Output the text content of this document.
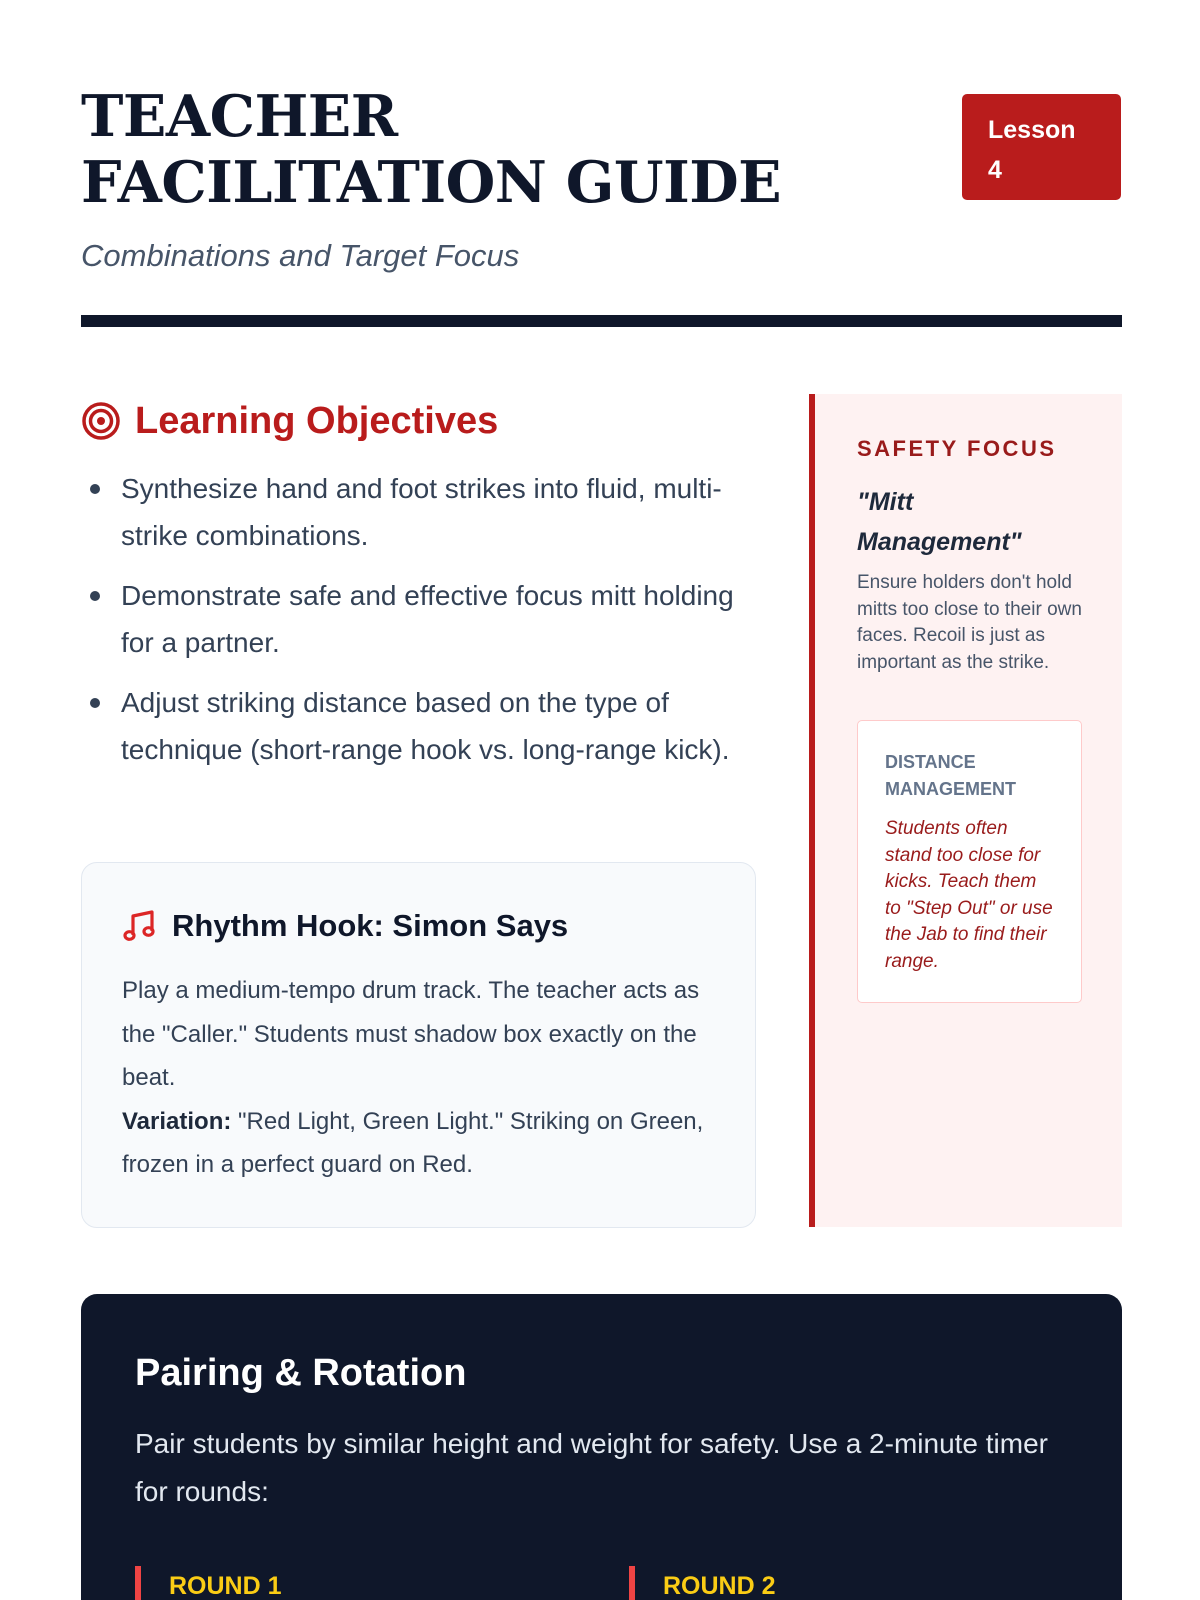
TEACHER FACILITATION GUIDE
Combinations and Target Focus
Lesson
4
Learning Objectives
Synthesize hand and foot strikes into fluid, multi-strike combinations.
Demonstrate safe and effective focus mitt holding for a partner.
Adjust striking distance based on the type of technique (short-range hook vs. long-range kick).
Rhythm Hook: Simon Says
Play a medium-tempo drum track. The teacher acts as the "Caller." Students must shadow box exactly on the beat.
Variation: "Red Light, Green Light." Striking on Green, frozen in a perfect guard on Red.
SAFETY FOCUS
"Mitt Management"
Ensure holders don't hold mitts too close to their own faces. Recoil is just as important as the strike.
DISTANCE MANAGEMENT
Students often stand too close for kicks. Teach them to "Step Out" or use the Jab to find their range.
Pairing & Rotation
Pair students by similar height and weight for safety. Use a 2-minute timer for rounds:
ROUND 1	ROUND 2
